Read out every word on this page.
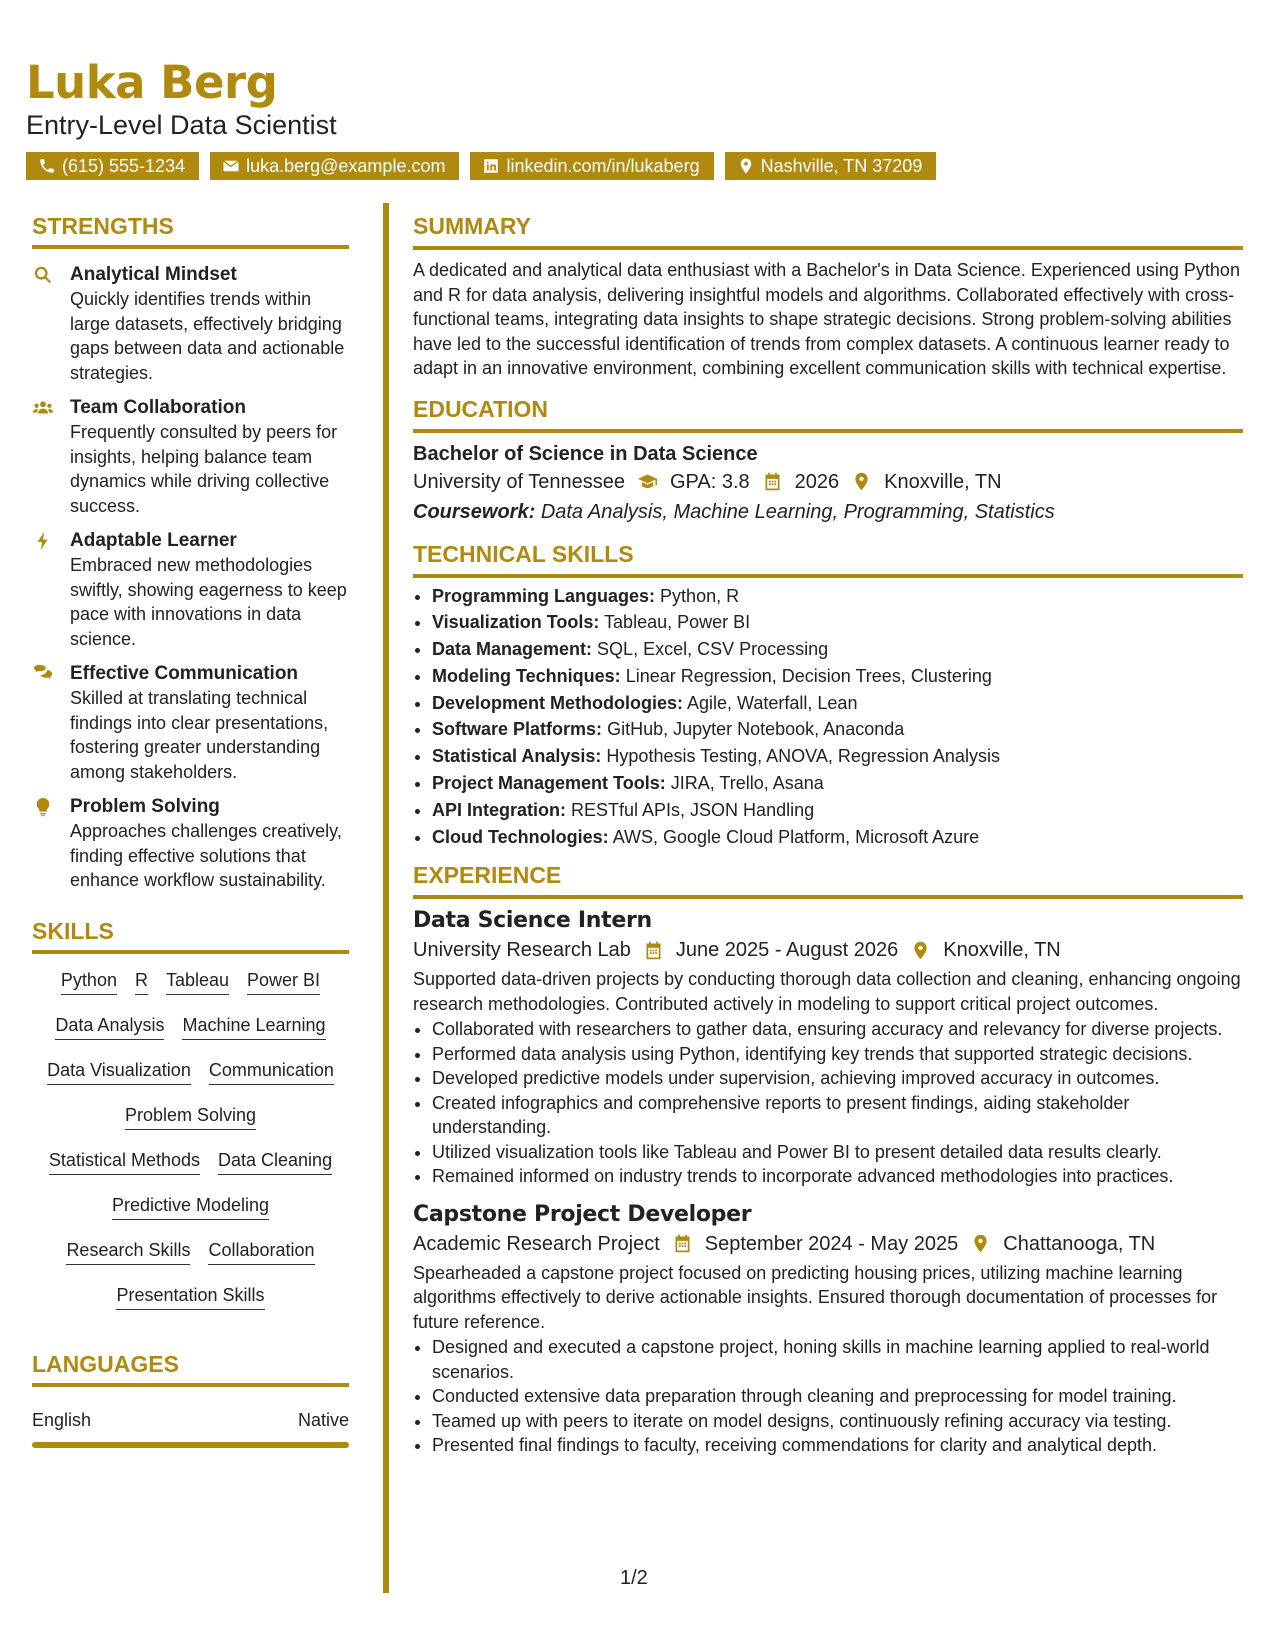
Luka Berg
Entry-Level Data Scientist
(615) 555-1234	luka.berg@example.com	linkedin.com/in/lukaberg	Nashville, TN 37209
STRENGTHS
Analytical Mindset
Quickly identifies trends within large datasets, effectively bridging gaps between data and actionable strategies.
Team Collaboration
Frequently consulted by peers for insights, helping balance team dynamics while driving collective success.
Adaptable Learner
Embraced new methodologies swiftly, showing eagerness to keep pace with innovations in data science.
Effective Communication
Skilled at translating technical findings into clear presentations, fostering greater understanding among stakeholders.
Problem Solving
Approaches challenges creatively, finding effective solutions that enhance workflow sustainability.
SKILLS
Python R Tableau Power BI
Data Analysis Machine Learning
Data Visualization Communication
Problem Solving
Statistical Methods Data Cleaning
Predictive Modeling
Research Skills Collaboration
Presentation Skills
LANGUAGES
English	Native
SUMMARY
A dedicated and analytical data enthusiast with a Bachelor's in Data Science. Experienced using Python and R for data analysis, delivering insightful models and algorithms. Collaborated effectively with cross-functional teams, integrating data insights to shape strategic decisions. Strong problem-solving abilities have led to the successful identification of trends from complex datasets. A continuous learner ready to adapt in an innovative environment, combining excellent communication skills with technical expertise.
EDUCATION
Bachelor of Science in Data Science
University of Tennessee GPA: 3.8 2026 Knoxville, TN
Coursework: Data Analysis, Machine Learning, Programming, Statistics
TECHNICAL SKILLS
• Programming Languages: Python, R
• Visualization Tools: Tableau, Power BI
• Data Management: SQL, Excel, CSV Processing
• Modeling Techniques: Linear Regression, Decision Trees, Clustering
• Development Methodologies: Agile, Waterfall, Lean
• Software Platforms: GitHub, Jupyter Notebook, Anaconda
• Statistical Analysis: Hypothesis Testing, ANOVA, Regression Analysis
• Project Management Tools: JIRA, Trello, Asana
• API Integration: RESTful APIs, JSON Handling
• Cloud Technologies: AWS, Google Cloud Platform, Microsoft Azure
EXPERIENCE
Data Science Intern
University Research Lab June 2025 - August 2026 Knoxville, TN
Supported data-driven projects by conducting thorough data collection and cleaning, enhancing ongoing research methodologies. Contributed actively in modeling to support critical project outcomes.
• Collaborated with researchers to gather data, ensuring accuracy and relevancy for diverse projects.
• Performed data analysis using Python, identifying key trends that supported strategic decisions.
• Developed predictive models under supervision, achieving improved accuracy in outcomes.
• Created infographics and comprehensive reports to present findings, aiding stakeholder understanding.
• Utilized visualization tools like Tableau and Power BI to present detailed data results clearly.
• Remained informed on industry trends to incorporate advanced methodologies into practices.
Capstone Project Developer
Academic Research Project September 2024 - May 2025 Chattanooga, TN
Spearheaded a capstone project focused on predicting housing prices, utilizing machine learning algorithms effectively to derive actionable insights. Ensured thorough documentation of processes for future reference.
• Designed and executed a capstone project, honing skills in machine learning applied to real-world scenarios.
• Conducted extensive data preparation through cleaning and preprocessing for model training.
• Teamed up with peers to iterate on model designs, continuously refining accuracy via testing.
• Presented final findings to faculty, receiving commendations for clarity and analytical depth.
1/2
